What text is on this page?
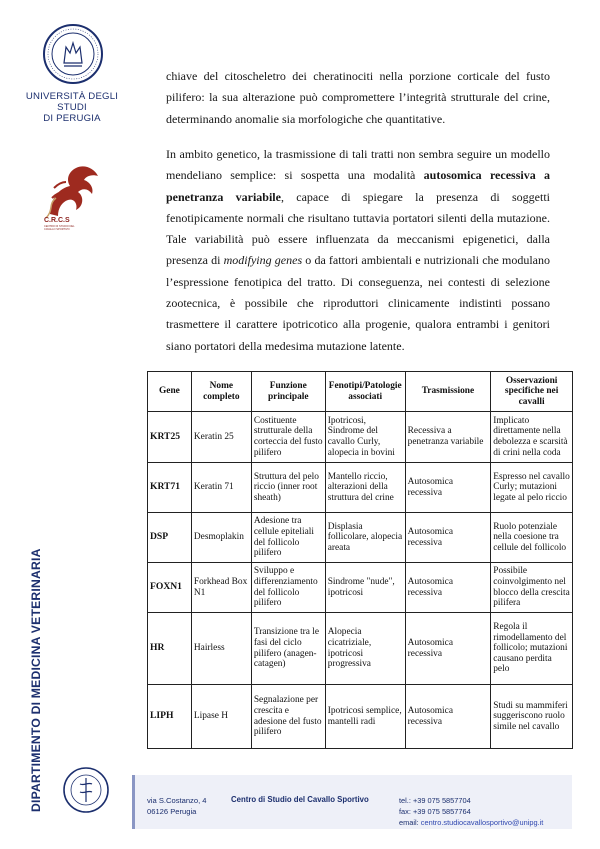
UNIVERSITÀ DEGLI STUDI
DI PERUGIA
C.R.C.S
CENTRO DI STUDIO DEL CAVALLO SPORTIVO
DIPARTIMENTO DI MEDICINA VETERINARIA

chiave del citoscheletro dei cheratinociti nella porzione corticale del fusto pilifero: la sua alterazione può compromettere l’integrità strutturale del crine, determinando anomalie sia morfologiche che quantitative.

In ambito genetico, la trasmissione di tali tratti non sembra seguire un modello mendeliano semplice: si sospetta una modalità autosomica recessiva a penetranza variabile, capace di spiegare la presenza di soggetti fenotipicamente normali che risultano tuttavia portatori silenti della mutazione. Tale variabilità può essere influenzata da meccanismi epigenetici, dalla presenza di modifying genes o da fattori ambientali e nutrizionali che modulano l’espressione fenotipica del tratto. Di conseguenza, nei contesti di selezione zootecnica, è possibile che riproduttori clinicamente indistinti possano trasmettere il carattere ipotricotico alla progenie, qualora entrambi i genitori siano portatori della medesima mutazione latente.

Gene	Nome completo	Funzione principale	Fenotipi/Patologie associati	Trasmissione	Osservazioni specifiche nei cavalli
KRT25	Keratin 25	Costituente strutturale della corteccia del fusto pilifero	Ipotricosi, Sindrome del cavallo Curly, alopecia in bovini	Recessiva a penetranza variabile	Implicato direttamente nella debolezza e scarsità di crini nella coda
KRT71	Keratin 71	Struttura del pelo riccio (inner root sheath)	Mantello riccio, alterazioni della struttura del crine	Autosomica recessiva	Espresso nel cavallo Curly; mutazioni legate al pelo riccio
DSP	Desmoplakin	Adesione tra cellule epiteliali del follicolo pilifero	Displasia follicolare, alopecia areata	Autosomica recessiva	Ruolo potenziale nella coesione tra cellule del follicolo
FOXN1	Forkhead Box N1	Sviluppo e differenziamento del follicolo pilifero	Sindrome "nude", ipotricosi	Autosomica recessiva	Possibile coinvolgimento nel blocco della crescita pilifera
HR	Hairless	Transizione tra le fasi del ciclo pilifero (anagen-catagen)	Alopecia cicatriziale, ipotricosi progressiva	Autosomica recessiva	Regola il rimodellamento del follicolo; mutazioni causano perdita pelo
LIPH	Lipase H	Segnalazione per crescita e adesione del fusto pilifero	Ipotricosi semplice, mantelli radi	Autosomica recessiva	Studi su mammiferi suggeriscono ruolo simile nel cavallo
via S.Costanzo, 4
06126 Perugia
Centro di Studio del Cavallo Sportivo	tel.: +39 075 5857704
fax: +39 075 5857764
email: centro.studiocavallosportivo@unipg.it
